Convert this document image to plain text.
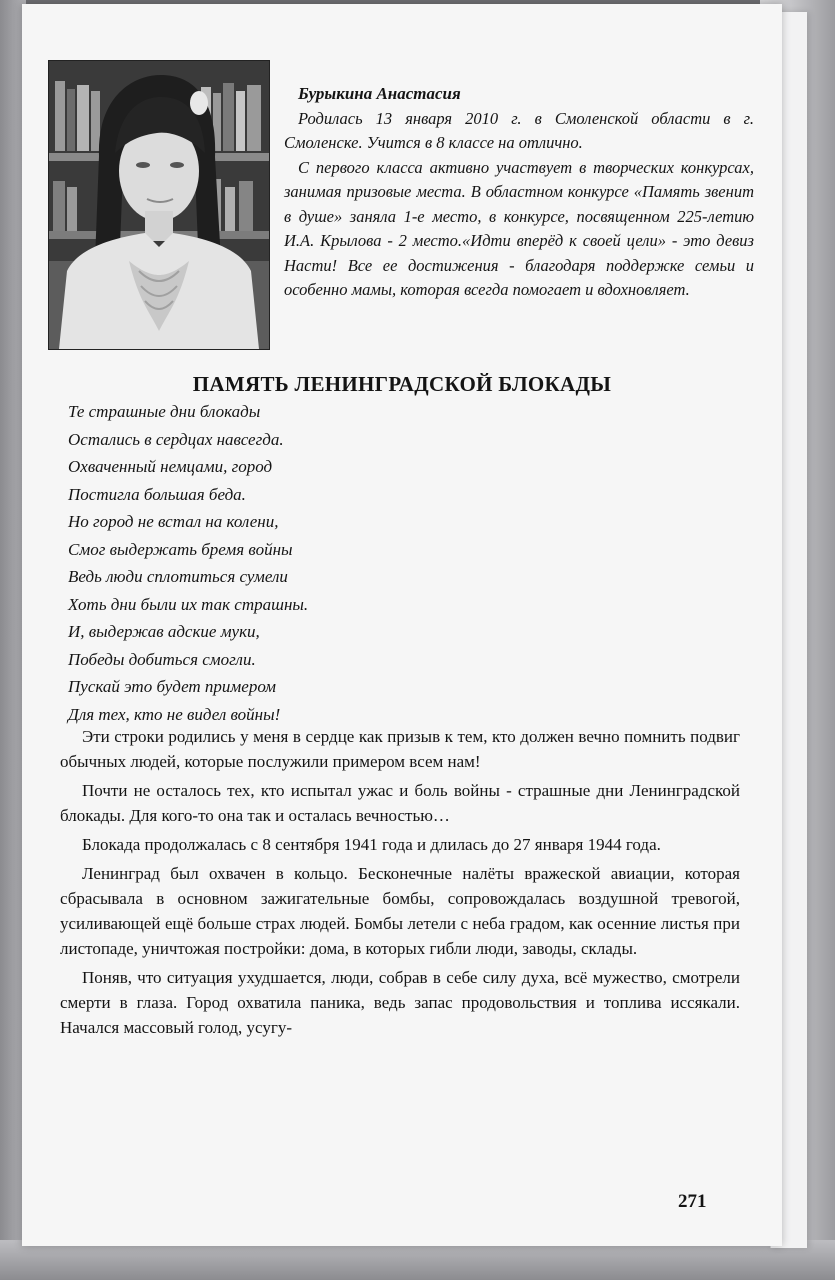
Бурыкина Анастасия

Родилась 13 января 2010 г. в Смоленской области в г. Смоленске. Учится в 8 классе на отлично.

С первого класса активно участвует в творческих конкурсах, занимая призовые места. В областном конкурсе «Память звенит в душе» заняла 1-е место, в конкурсе, посвященном 225-летию И.А. Крылова - 2 место.«Идти вперёд к своей цели» - это девиз Насти! Все ее достижения - благодаря поддержке семьи и особенно мамы, которая всегда помогает и вдохновляет.

ПАМЯТЬ ЛЕНИНГРАДСКОЙ БЛОКАДЫ
Те страшные дни блокады
Остались в сердцах навсегда.
Охваченный немцами, город
Постигла большая беда.
Но город не встал на колени,
Смог выдержать бремя войны
Ведь люди сплотиться сумели
Хоть дни были их так страшны.
И, выдержав адские муки,
Победы добиться смогли.
Пускай это будет примером
Для тех, кто не видел войны!

Эти строки родились у меня в сердце как призыв к тем, кто должен вечно помнить подвиг обычных людей, которые послужили примером всем нам!

Почти не осталось тех, кто испытал ужас и боль войны - страшные дни Ленинградской блокады. Для кого-то она так и осталась вечностью…

Блокада продолжалась с 8 сентября 1941 года и длилась до 27 января 1944 года.

Ленинград был охвачен в кольцо. Бесконечные налёты вражеской авиации, которая сбрасывала в основном зажигательные бомбы, сопровождалась воздушной тревогой, усиливающей ещё больше страх людей. Бомбы летели с неба градом, как осенние листья при листопаде, уничтожая постройки: дома, в которых гибли люди, заводы, склады.

Поняв, что ситуация ухудшается, люди, собрав в себе силу духа, всё мужество, смотрели смерти в глаза. Город охватила паника, ведь запас продовольствия и топлива иссякали. Начался массовый голод, усугу-

271
